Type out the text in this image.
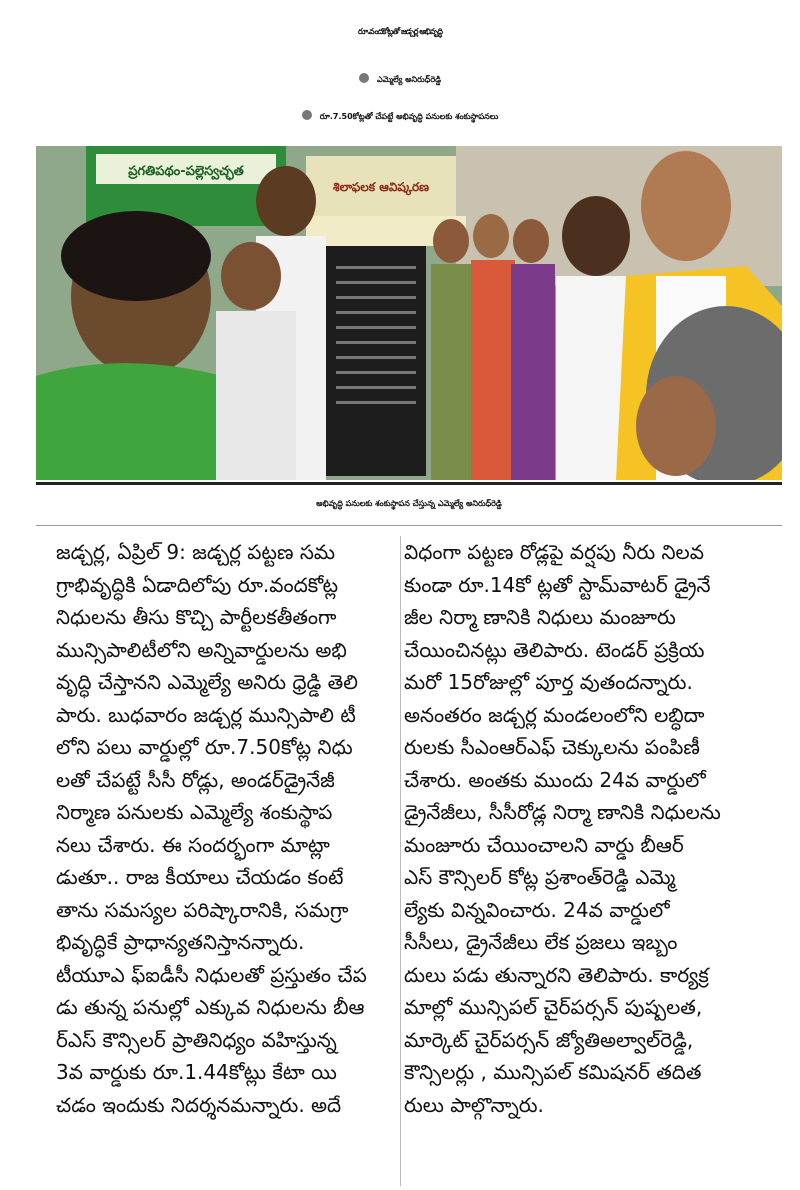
రూ.వందకోట్లతో జడ్చర్ల అభివృద్ధి
ఎమ్మెల్యే అనిరుధ్‌రెడ్డి
రూ.7.50కోట్లతో చేపట్టే అభివృద్ధి పనులకు శంకుస్థాపనలు
ప్రగతిపథం-పల్లెస్వచ్ఛత
శిలాఫలక ఆవిష్కరణ
అభివృద్ధి పనులకు శంకుస్థాపన చేస్తున్న ఎమ్మెల్యే అనిరుధ్‌రెడ్డి
జడ్చర్ల, ఏప్రిల్ 9: జడ్చర్ల పట్టణ సమ
గ్రాభివృద్ధికి ఏడాదిలోపు రూ.వందకోట్ల
నిధులను తీసు కొచ్చి పార్టీలకతీతంగా
మున్సిపాలిటీలోని అన్నివార్డులను అభి
వృద్ధి చేస్తానని ఎమ్మెల్యే అనిరు ధ్రెడ్డి తెలి
పారు. బుధవారం జడ్చర్ల మున్సిపాలి టీ
లోని పలు వార్డుల్లో రూ.7.50కోట్ల నిధు
లతో చేపట్టే సీసీ రోడ్లు, అండర్‌డ్రైనేజీ
నిర్మాణ పనులకు ఎమ్మెల్యే శంకుస్థాప
నలు చేశారు. ఈ సందర్భంగా మాట్లా
డుతూ.. రాజ కీయాలు చేయడం కంటే
తాను సమస్యల పరిష్కారానికి, సమగ్రా
భివృద్ధికే ప్రాధాన్యతనిస్తానన్నారు.
టీయూఎ ఫ్‌ఐడీసీ నిధులతో ప్రస్తుతం చేప
డు తున్న పనుల్లో ఎక్కువ నిధులను బీఆ
ర్‌ఎస్ కౌన్సిలర్ ప్రాతినిధ్యం వహిస్తున్న
3వ వార్డుకు రూ.1.44కోట్లు కేటా యి
చడం ఇందుకు నిదర్శనమన్నారు. అదే
విధంగా పట్టణ రోడ్లపై వర్షపు నీరు నిలవ
కుండా రూ.14కో ట్లతో స్టామ్‌వాటర్ డ్రైనే
జీల నిర్మా ణానికి నిధులు మంజూరు
చేయించినట్లు తెలిపారు. టెండర్ ప్రక్రియ
మరో 15రోజుల్లో పూర్త వుతందన్నారు.
అనంతరం జడ్చర్ల మండలంలోని లబ్ధిదా
రులకు సీఎంఆర్ఎఫ్ చెక్కులను పంపిణీ
చేశారు. అంతకు ముందు 24వ వార్డులో
డ్రైనేజీలు, సీసీరోడ్ల నిర్మా ణానికి నిధులను
మంజూరు చేయించాలని వార్డు బీఆర్
ఎస్ కౌన్సిలర్ కోట్ల ప్రశాంత్‌రెడ్డి ఎమ్మె
ల్యేకు విన్నవించారు. 24వ వార్డులో
సీసీలు, డ్రైనేజీలు లేక ప్రజలు ఇబ్బం
దులు పడు తున్నారని తెలిపారు. కార్యక్ర
మాల్లో మున్సిపల్ చైర్‌పర్సన్ పుష్పలత,
మార్కెట్ చైర్‌పర్సన్ జ్యోతిఅల్వాల్‌రెడ్డి,
కౌన్సిలర్లు , మున్సిపల్ కమిషనర్ తదిత
రులు పాల్గొన్నారు.
